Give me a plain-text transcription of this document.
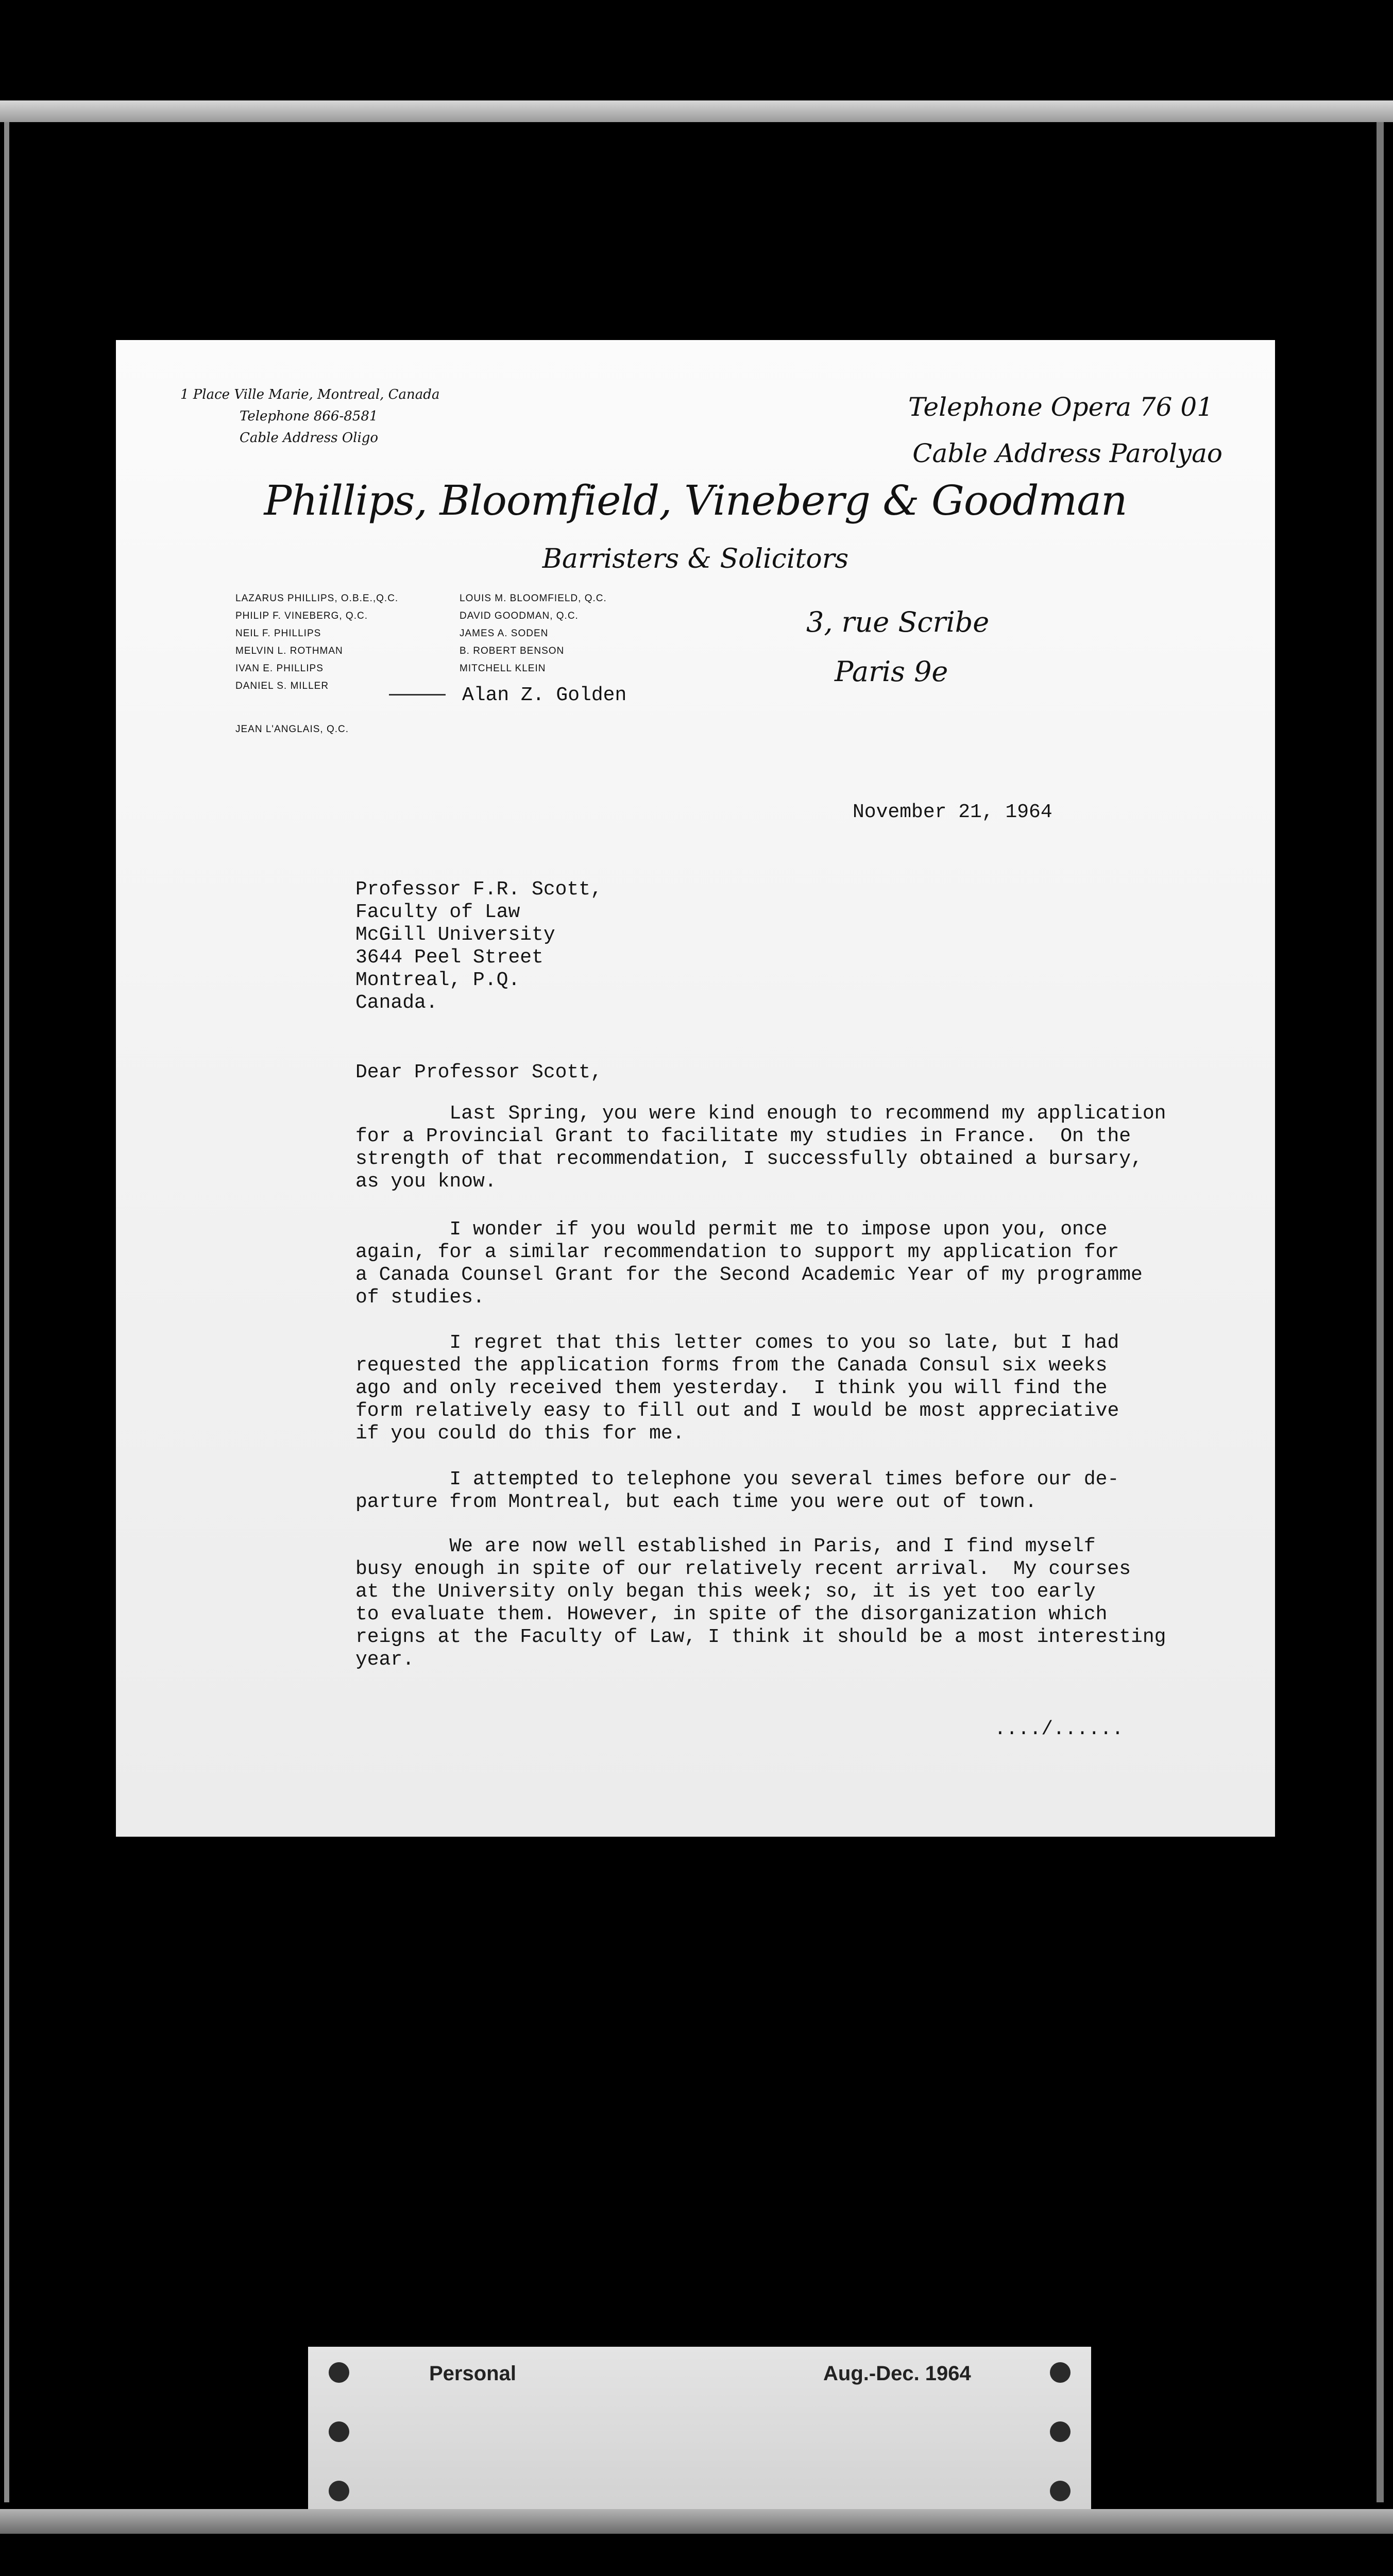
1 Place Ville Marie, Montreal, Canada
Telephone 866-8581
Cable Address Oligo
Telephone Opera 76 01
Cable Address Parolyao
Phillips, Bloomfield, Vineberg & Goodman
Barristers & Solicitors
LAZARUS PHILLIPS, O.B.E.,Q.C.
PHILIP F. VINEBERG, Q.C.
NEIL F. PHILLIPS
MELVIN L. ROTHMAN
IVAN E. PHILLIPS
DANIEL S. MILLER
LOUIS M. BLOOMFIELD, Q.C.
DAVID GOODMAN, Q.C.
JAMES A. SODEN
B. ROBERT BENSON
MITCHELL KLEIN
Alan Z. Golden
JEAN L'ANGLAIS, Q.C.
3, rue Scribe
Paris 9e
November 21, 1964
Professor F.R. Scott,
Faculty of Law
McGill University
3644 Peel Street
Montreal, P.Q.
Canada.
Dear Professor Scott,
Last Spring, you were kind enough to recommend my application
for a Provincial Grant to facilitate my studies in France.  On the
strength of that recommendation, I successfully obtained a bursary,
as you know.
I wonder if you would permit me to impose upon you, once
again, for a similar recommendation to support my application for
a Canada Counsel Grant for the Second Academic Year of my programme
of studies.
I regret that this letter comes to you so late, but I had
requested the application forms from the Canada Consul six weeks
ago and only received them yesterday.  I think you will find the
form relatively easy to fill out and I would be most appreciative
if you could do this for me.
I attempted to telephone you several times before our de-
parture from Montreal, but each time you were out of town.
We are now well established in Paris, and I find myself
busy enough in spite of our relatively recent arrival.  My courses
at the University only began this week; so, it is yet too early
to evaluate them. However, in spite of the disorganization which
reigns at the Faculty of Law, I think it should be a most interesting
year.
..../......
Personal	Aug.-Dec. 1964
